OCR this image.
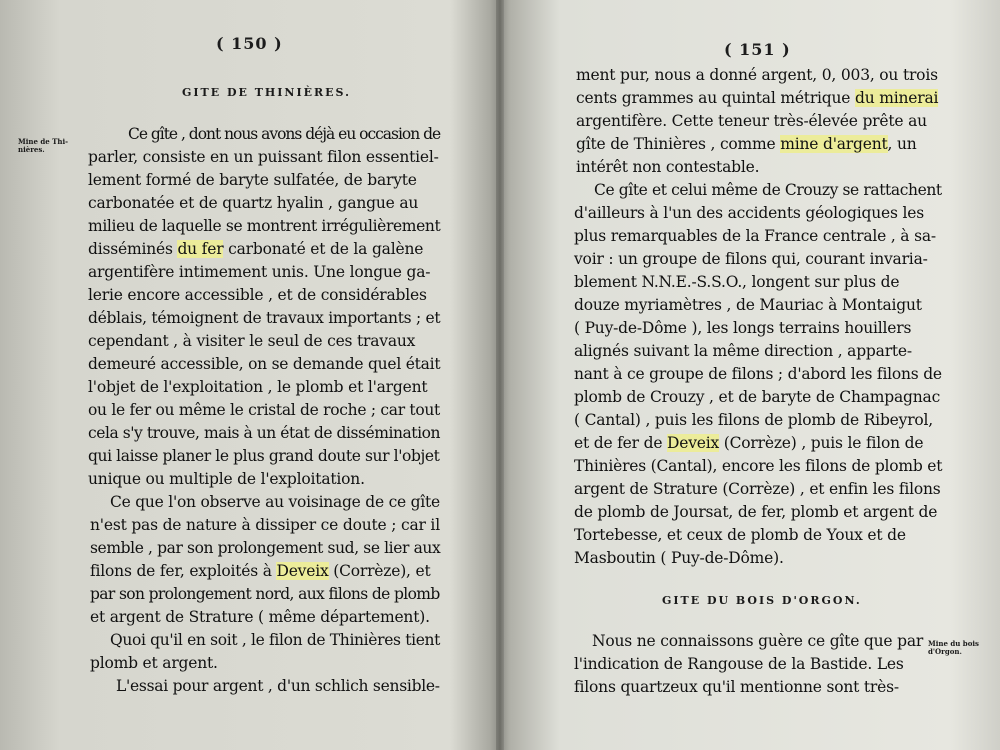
( 150 )
GITE DE THINIÈRES.
Mine de Thi-
nières.
Ce gîte , dont nous avons déjà eu occasion de
parler, consiste en un puissant filon essentiel-
lement formé de baryte sulfatée, de baryte
carbonatée et de quartz hyalin , gangue au
milieu de laquelle se montrent irrégulièrement
disséminés du fer carbonaté et de la galène
argentifère intimement unis. Une longue ga-
lerie encore accessible , et de considérables
déblais, témoignent de travaux importants ; et
cependant , à visiter le seul de ces travaux
demeuré accessible, on se demande quel était
l'objet de l'exploitation , le plomb et l'argent
ou le fer ou même le cristal de roche ; car tout
cela s'y trouve, mais à un état de dissémination
qui laisse planer le plus grand doute sur l'objet
unique ou multiple de l'exploitation.
Ce que l'on observe au voisinage de ce gîte
n'est pas de nature à dissiper ce doute ; car il
semble , par son prolongement sud, se lier aux
filons de fer, exploités à Deveix (Corrèze), et
par son prolongement nord, aux filons de plomb
et argent de Strature ( même département).
Quoi qu'il en soit , le filon de Thinières tient
plomb et argent.
L'essai pour argent , d'un schlich sensible-
( 151 )
ment pur, nous a donné argent, 0, 003, ou trois
cents grammes au quintal métrique du minerai
argentifère. Cette teneur très-élevée prête au
gîte de Thinières , comme mine d'argent, un
intérêt non contestable.
Ce gîte et celui même de Crouzy se rattachent
d'ailleurs à l'un des accidents géologiques les
plus remarquables de la France centrale , à sa-
voir : un groupe de filons qui, courant invaria-
blement N.N.E.-S.S.O., longent sur plus de
douze myriamètres , de Mauriac à Montaigut
( Puy-de-Dôme ), les longs terrains houillers
alignés suivant la même direction , apparte-
nant à ce groupe de filons ; d'abord les filons de
plomb de Crouzy , et de baryte de Champagnac
( Cantal) , puis les filons de plomb de Ribeyrol,
et de fer de Deveix (Corrèze) , puis le filon de
Thinières (Cantal), encore les filons de plomb et
argent de Strature (Corrèze) , et enfin les filons
de plomb de Joursat, de fer, plomb et argent de
Tortebesse, et ceux de plomb de Youx et de
Masboutin ( Puy-de-Dôme).
GITE DU BOIS D'ORGON.
Mine du bois
d'Orgon.
Nous ne connaissons guère ce gîte que par
l'indication de Rangouse de la Bastide. Les
filons quartzeux qu'il mentionne sont très-
